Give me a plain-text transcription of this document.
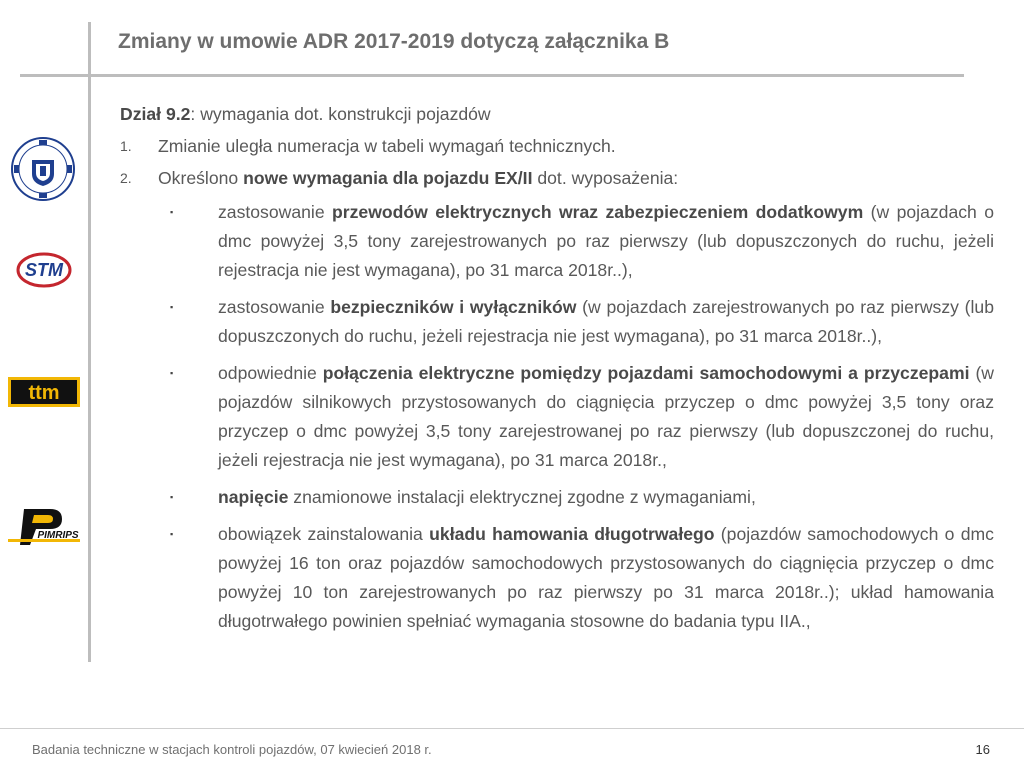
Zmiany w umowie ADR 2017-2019 dotyczą załącznika B
STM
ttm
PIMRIPS
Dział 9.2: wymagania dot. konstrukcji pojazdów
1.	Zmianie uległa numeracja w tabeli wymagań technicznych.
2.	Określono nowe wymagania dla pojazdu EX/II dot. wyposażenia:
▪	zastosowanie przewodów elektrycznych wraz zabezpieczeniem dodatkowym (w pojazdach o dmc powyżej 3,5 tony zarejestrowanych po raz pierwszy (lub dopuszczonych do ruchu, jeżeli rejestracja nie jest wymagana), po 31 marca 2018r..),
▪	zastosowanie bezpieczników i wyłączników (w pojazdach zarejestrowanych po raz pierwszy (lub dopuszczonych do ruchu, jeżeli rejestracja nie jest wymagana), po 31 marca 2018r..),
▪	odpowiednie połączenia elektryczne pomiędzy pojazdami samochodowymi a przyczepami (w pojazdów silnikowych przystosowanych do ciągnięcia przyczep o dmc powyżej 3,5 tony oraz przyczep o dmc powyżej 3,5 tony zarejestrowanej po raz pierwszy (lub dopuszczonej do ruchu, jeżeli rejestracja nie jest wymagana), po 31 marca 2018r.,
▪	napięcie znamionowe instalacji elektrycznej zgodne z wymaganiami,
▪	obowiązek zainstalowania układu hamowania długotrwałego (pojazdów samochodowych o dmc powyżej 16 ton oraz pojazdów samochodowych przystosowanych do ciągnięcia przyczep o dmc powyżej 10 ton zarejestrowanych po raz pierwszy po 31 marca 2018r..); układ hamowania długotrwałego powinien spełniać wymagania stosowne do badania typu IIA.,
Badania techniczne w stacjach kontroli pojazdów, 07 kwiecień 2018 r.	16
